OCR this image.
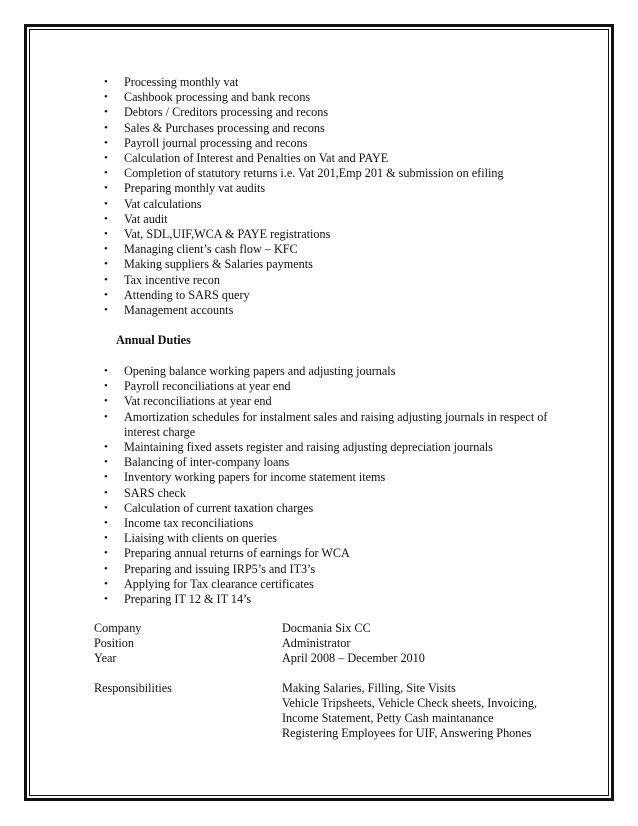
• Processing monthly vat
• Cashbook processing and bank recons
• Debtors / Creditors processing and recons
• Sales & Purchases processing and recons
• Payroll journal processing and recons
• Calculation of Interest and Penalties on Vat and PAYE
• Completion of statutory returns i.e. Vat 201,Emp 201 & submission on efiling
• Preparing monthly vat audits
• Vat calculations
• Vat audit
• Vat, SDL,UIF,WCA & PAYE registrations
• Managing client’s cash flow – KFC
• Making suppliers & Salaries payments
• Tax incentive recon
• Attending to SARS query
• Management accounts
Annual Duties
• Opening balance working papers and adjusting journals
• Payroll reconciliations at year end
• Vat reconciliations at year end
• Amortization schedules for instalment sales and raising adjusting journals in respect of interest charge
• Maintaining fixed assets register and raising adjusting depreciation journals
• Balancing of inter-company loans
• Inventory working papers for income statement items
• SARS check
• Calculation of current taxation charges
• Income tax reconciliations
• Liaising with clients on queries
• Preparing annual returns of earnings for WCA
• Preparing and issuing IRP5’s and IT3’s
• Applying for Tax clearance certificates
• Preparing IT 12 & IT 14’s
Company	Docmania Six CC
Position	Administrator
Year	April 2008 – December 2010
Responsibilities	Making Salaries, Filling, Site Visits
Vehicle Tripsheets, Vehicle Check sheets, Invoicing,
Income Statement, Petty Cash maintanance
Registering Employees for UIF, Answering Phones
